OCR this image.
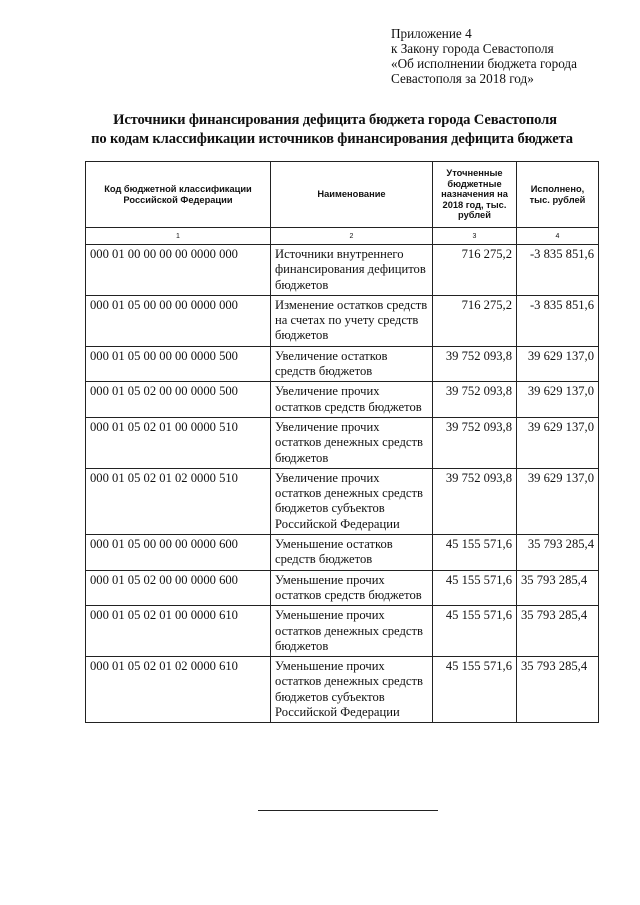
Приложение 4
к Закону города Севастополя
«Об исполнении бюджета города
Севастополя за 2018 год»
Источники финансирования дефицита бюджета города Севастополя
по кодам классификации источников финансирования дефицита бюджета
Код бюджетной классификации Российской Федерации	Наименование	Уточненные бюджетные назначения на 2018 год, тыс. рублей	Исполнено, тыс. рублей
1	2	3	4
000 01 00 00 00 00 0000 000	Источники внутреннего финансирования дефицитов бюджетов	716 275,2	-3 835 851,6
000 01 05 00 00 00 0000 000	Изменение остатков средств на счетах по учету средств бюджетов	716 275,2	-3 835 851,6
000 01 05 00 00 00 0000 500	Увеличение остатков средств бюджетов	39 752 093,8	39 629 137,0
000 01 05 02 00 00 0000 500	Увеличение прочих остатков средств бюджетов	39 752 093,8	39 629 137,0
000 01 05 02 01 00 0000 510	Увеличение прочих остатков денежных средств бюджетов	39 752 093,8	39 629 137,0
000 01 05 02 01 02 0000 510	Увеличение прочих остатков денежных средств бюджетов субъектов Российской Федерации	39 752 093,8	39 629 137,0
000 01 05 00 00 00 0000 600	Уменьшение остатков средств бюджетов	45 155 571,6	35 793 285,4
000 01 05 02 00 00 0000 600	Уменьшение прочих остатков средств бюджетов	45 155 571,6	35 793 285,4
000 01 05 02 01 00 0000 610	Уменьшение прочих остатков денежных средств бюджетов	45 155 571,6	35 793 285,4
000 01 05 02 01 02 0000 610	Уменьшение прочих остатков денежных средств бюджетов субъектов Российской Федерации	45 155 571,6	35 793 285,4
